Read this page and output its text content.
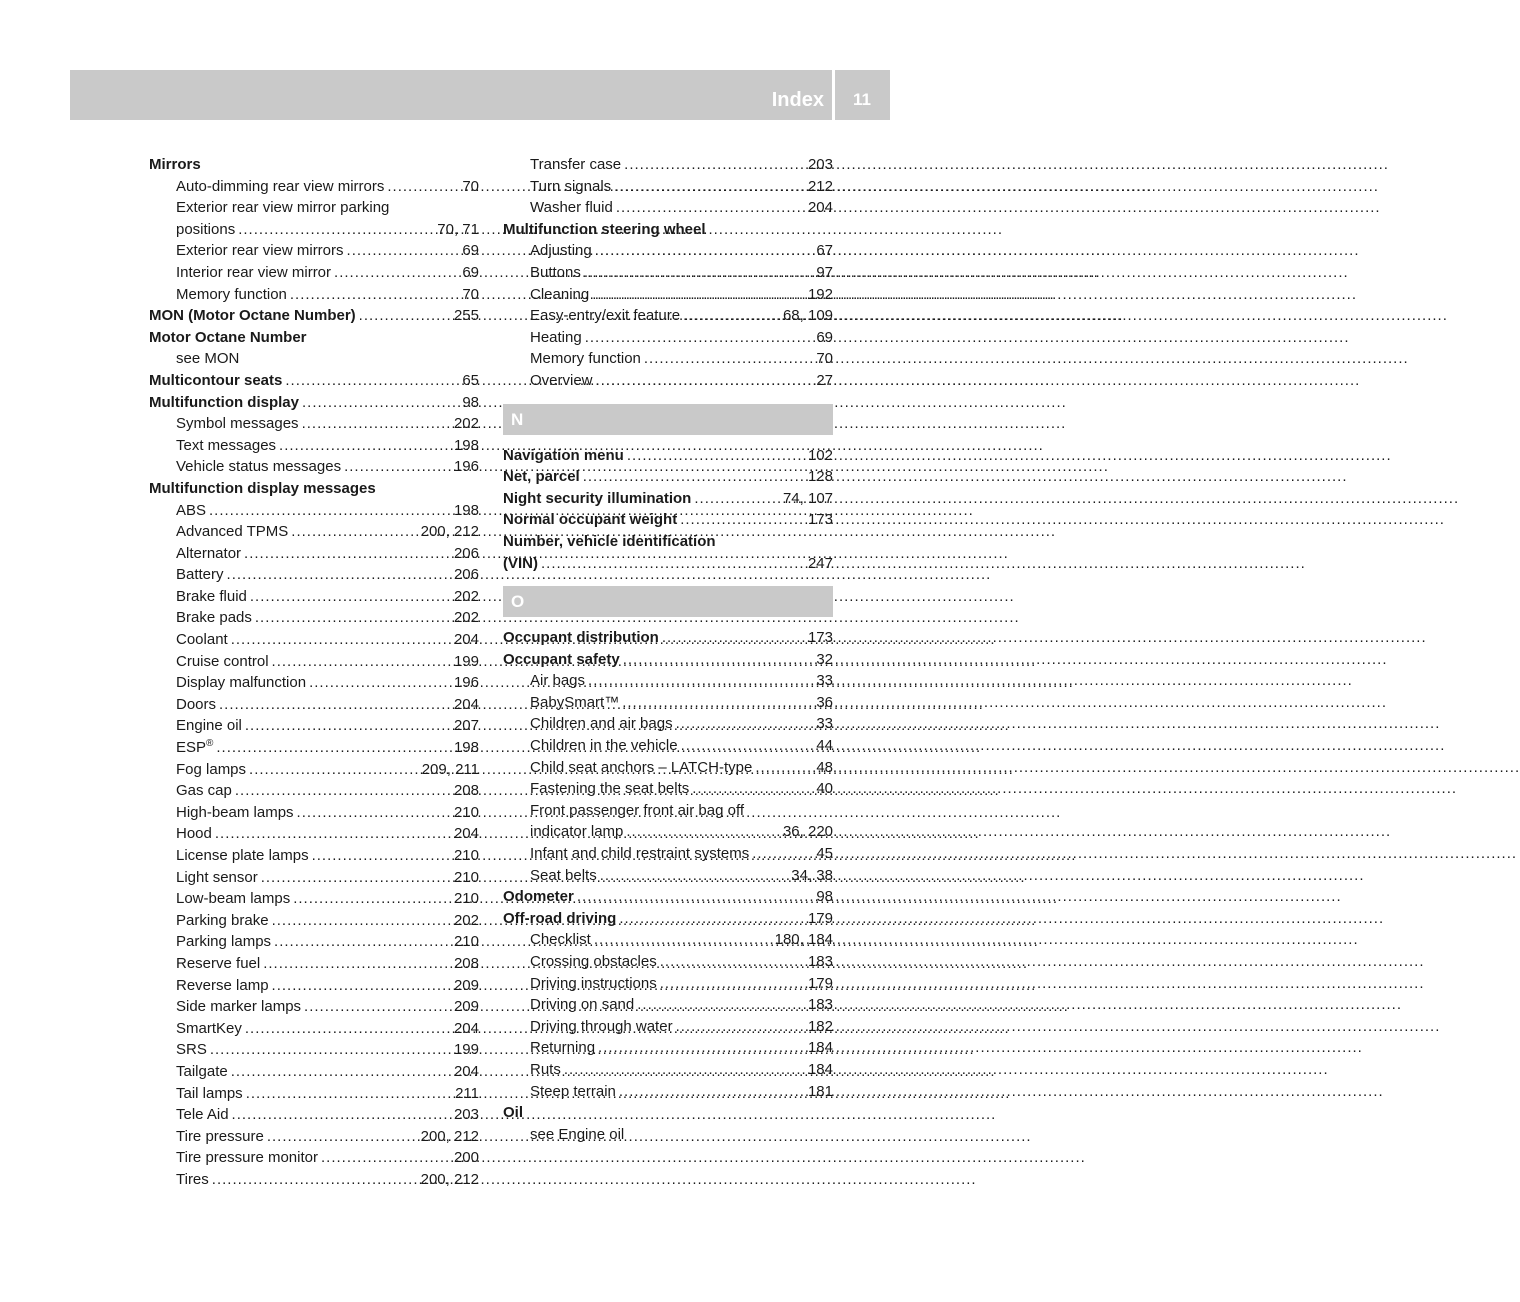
Index	11
Mirrors
Auto-dimming rear view mirrors .....	70
Exterior rear view mirror parking
positions .....	70, 71
Exterior rear view mirrors .....	69
Interior rear view mirror .....	69
Memory function .....	70
MON (Motor Octane Number) .....	255
Motor Octane Number
see MON
Multicontour seats .....	65
Multifunction display .....	98
Symbol messages .....	202
Text messages .....	198
Vehicle status messages .....	196
Multifunction display messages
ABS .....	198
Advanced TPMS .....	200, 212
Alternator .....	206
Battery .....	206
Brake fluid .....	202
Brake pads .....	202
Coolant .....	204
Cruise control .....	199
Display malfunction .....	196
Doors .....	204
Engine oil .....	207
ESP® .....	198
Fog lamps .....	209, 211
Gas cap .....	208
High-beam lamps .....	210
Hood .....	204
License plate lamps .....	210
Light sensor .....	210
Low-beam lamps .....	210
Parking brake .....	202
Parking lamps .....	210
Reserve fuel .....	208
Reverse lamp .....	209
Side marker lamps .....	209
SmartKey .....	204
SRS .....	199
Tailgate .....	204
Tail lamps .....	211
Tele Aid .....	203
Tire pressure .....	200, 212
Tire pressure monitor .....	200
Tires .....	200, 212
Transfer case .....	203
Turn signals .....	212
Washer fluid .....	204
Multifunction steering wheel
Adjusting .....	67
Buttons .....	97
Cleaning .....	192
Easy-entry/exit feature .....	68, 109
Heating .....	69
Memory function .....	70
Overview .....	27
N
Navigation menu .....	102
Net, parcel .....	128
Night security illumination .....	74, 107
Normal occupant weight .....	173
Number, vehicle identification
(VIN) .....	247
O
Occupant distribution .....	173
Occupant safety .....	32
Air bags .....	33
BabySmart™ .....	36
Children and air bags .....	33
Children in the vehicle .....	44
Child seat anchors – LATCH-type .....	48
Fastening the seat belts .....	40
Front passenger front air bag off
indicator lamp .....	36, 220
Infant and child restraint systems .....	45
Seat belts .....	34, 38
Odometer .....	98
Off-road driving .....	179
Checklist .....	180, 184
Crossing obstacles .....	183
Driving instructions .....	179
Driving on sand .....	183
Driving through water .....	182
Returning .....	184
Ruts .....	184
Steep terrain .....	181
Oil
see Engine oil
